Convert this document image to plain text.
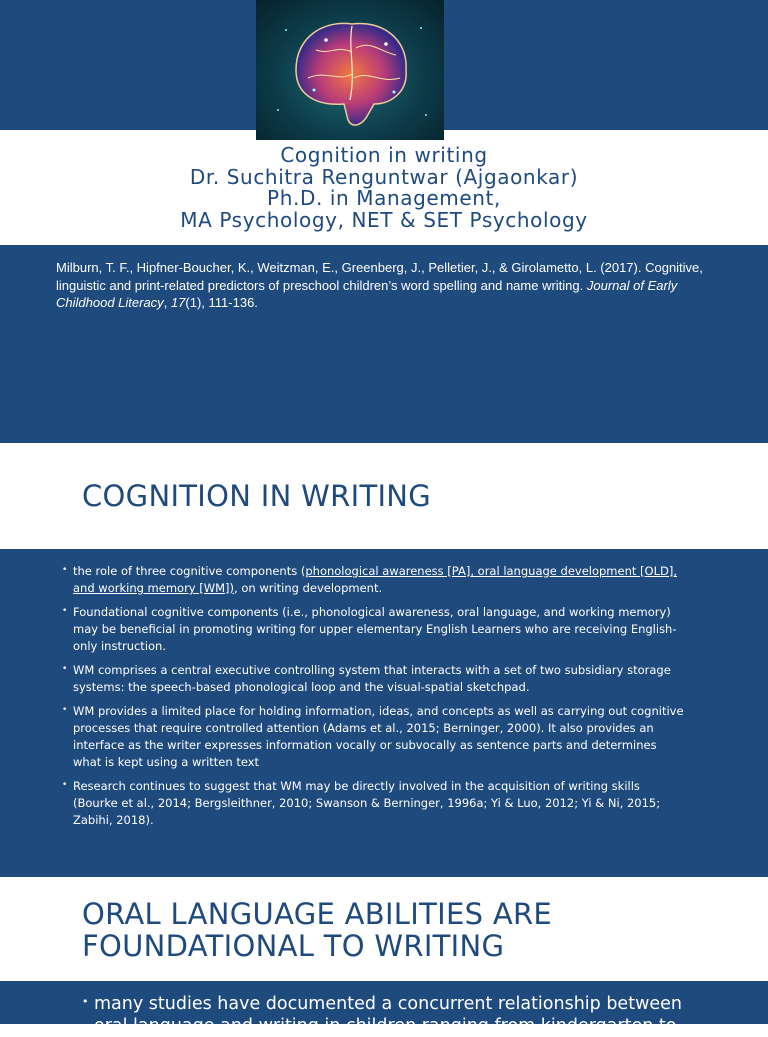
Cognition in writing
Dr. Suchitra Renguntwar (Ajgaonkar)
Ph.D. in Management,
MA Psychology, NET & SET Psychology
Milburn, T. F., Hipfner-Boucher, K., Weitzman, E., Greenberg, J., Pelletier, J., & Girolametto, L. (2017). Cognitive, linguistic and print-related predictors of preschool children’s word spelling and name writing. Journal of Early Childhood Literacy, 17(1), 111-136.
COGNITION IN WRITING
• the role of three cognitive components (phonological awareness [PA], oral language development [OLD], and working memory [WM]), on writing development.
• Foundational cognitive components (i.e., phonological awareness, oral language, and working memory) may be beneficial in promoting writing for upper elementary English Learners who are receiving English-only instruction.
• WM comprises a central executive controlling system that interacts with a set of two subsidiary storage systems: the speech-based phonological loop and the visual-spatial sketchpad.
• WM provides a limited place for holding information, ideas, and concepts as well as carrying out cognitive processes that require controlled attention (Adams et al., 2015; Berninger, 2000). It also provides an interface as the writer expresses information vocally or subvocally as sentence parts and determines what is kept using a written text
• Research continues to suggest that WM may be directly involved in the acquisition of writing skills (Bourke et al., 2014; Bergsleithner, 2010; Swanson & Berninger, 1996a; Yi & Luo, 2012; Yi & Ni, 2015; Zabihi, 2018).
ORAL LANGUAGE ABILITIES ARE
FOUNDATIONAL TO WRITING
• many studies have documented a concurrent relationship between oral language and writing in children ranging from kindergarten to
